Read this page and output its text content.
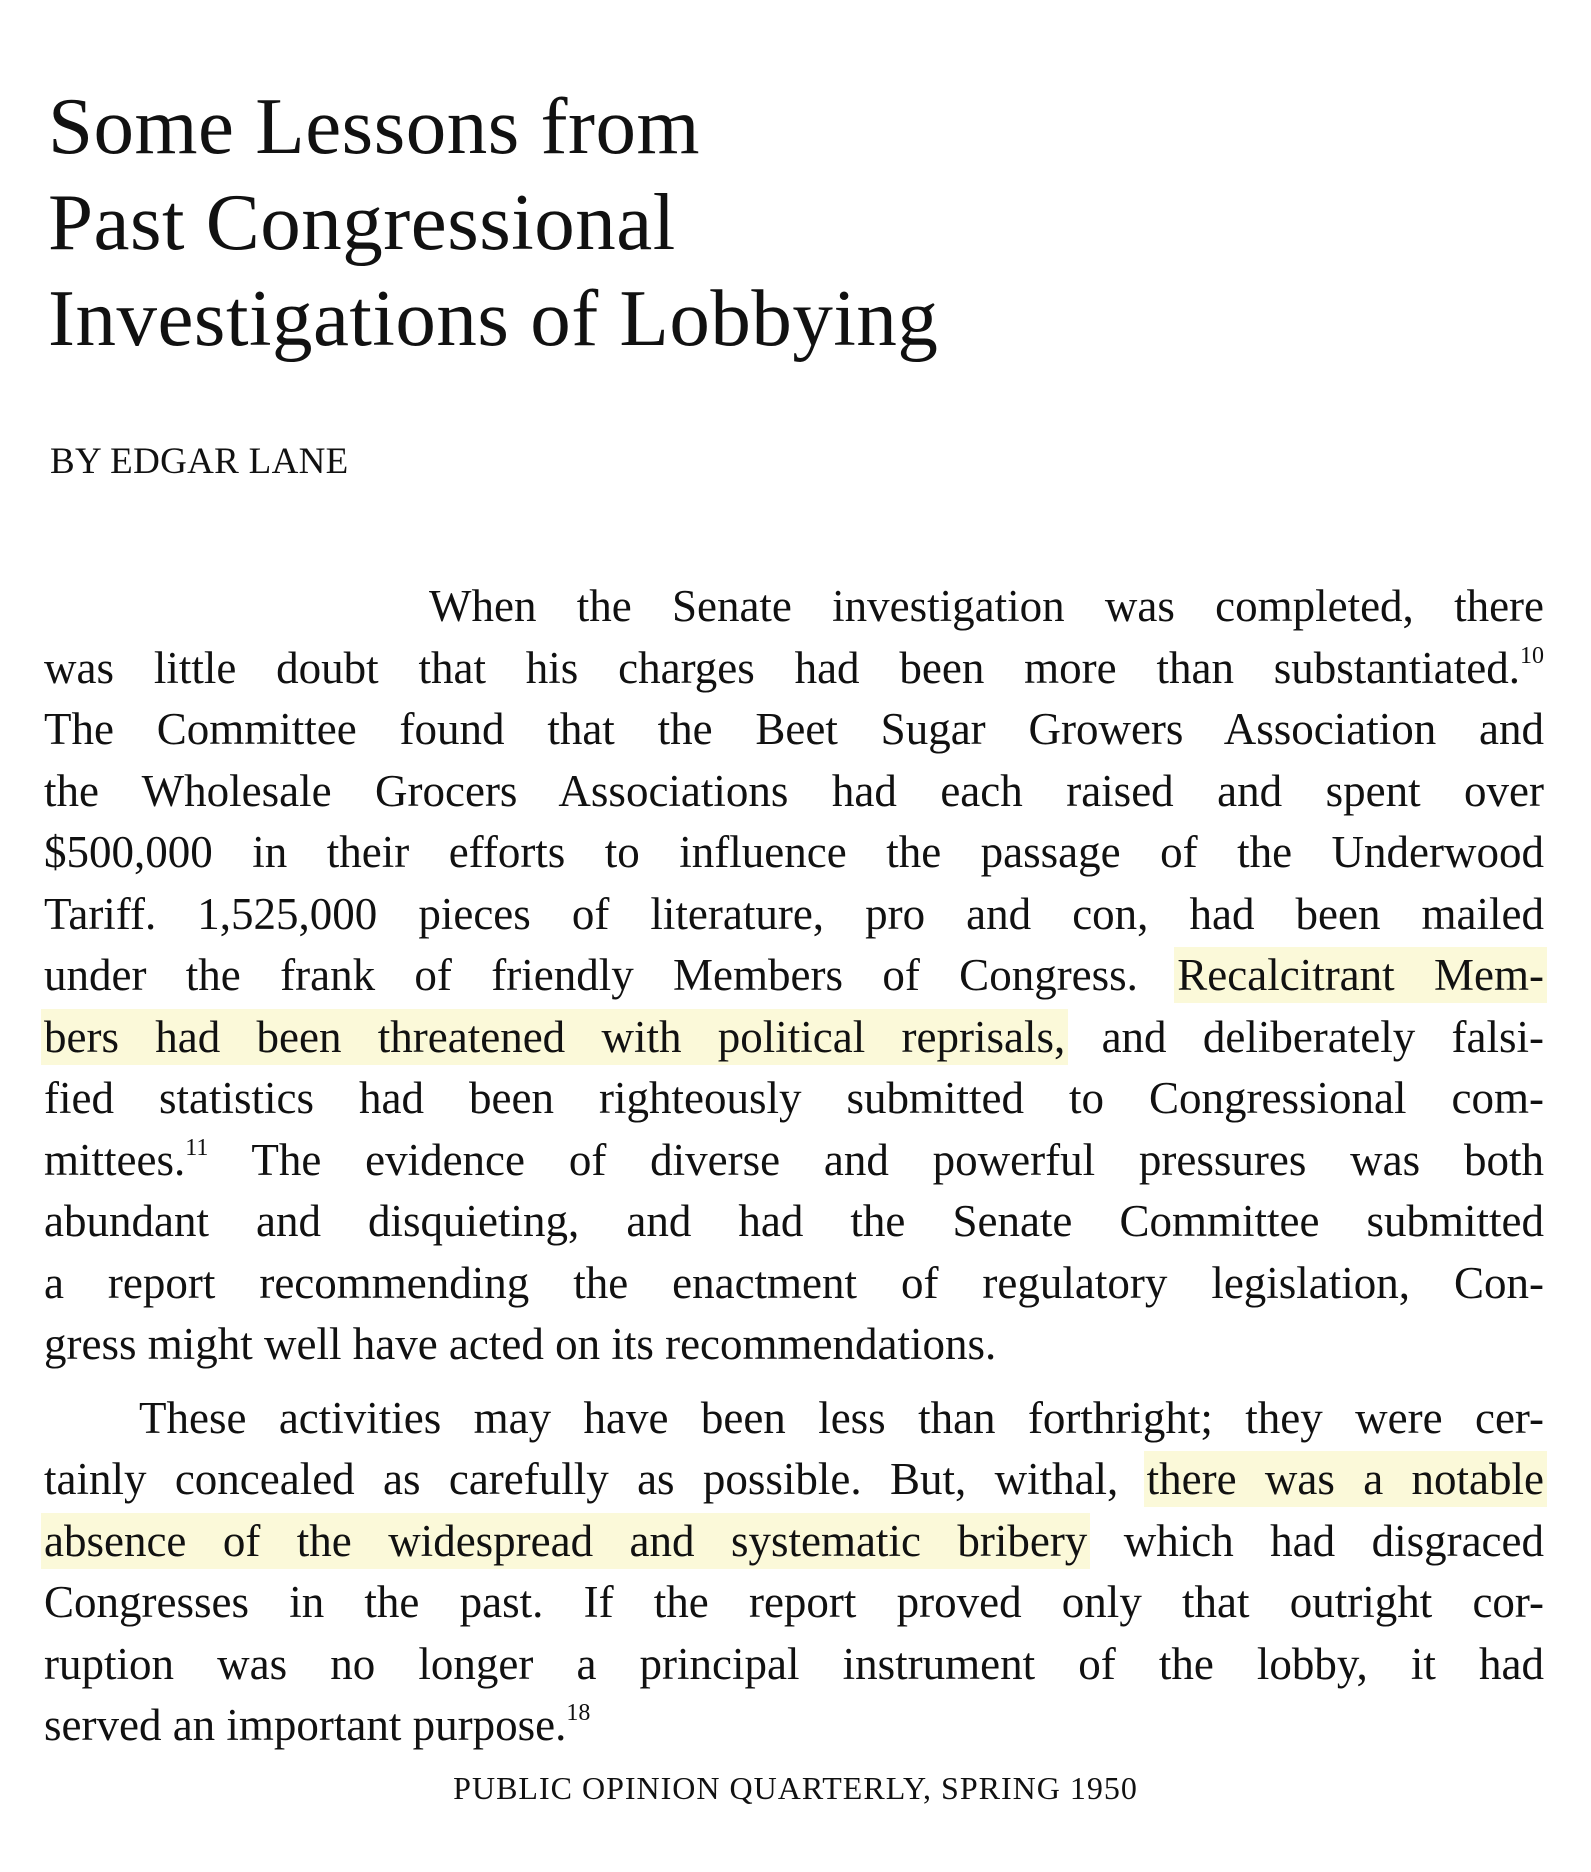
Some Lessons from
Past Congressional
Investigations of Lobbying

BY EDGAR LANE

When the Senate investigation was completed, there
was little doubt that his charges had been more than substantiated.$^{10}$
The Committee found that the Beet Sugar Growers Association and
the Wholesale Grocers Associations had each raised and spent over
$500,000 in their efforts to influence the passage of the Underwood
Tariff. 1,525,000 pieces of literature, pro and con, had been mailed
under the frank of friendly Members of Congress. Recalcitrant Mem-
bers had been threatened with political reprisals, and deliberately falsi-
fied statistics had been righteously submitted to Congressional com-
mittees.$^{11}$ The evidence of diverse and powerful pressures was both
abundant and disquieting, and had the Senate Committee submitted
a report recommending the enactment of regulatory legislation, Con-
gress might well have acted on its recommendations.
These activities may have been less than forthright; they were cer-
tainly concealed as carefully as possible. But, withal, there was a notable
absence of the widespread and systematic bribery which had disgraced
Congresses in the past. If the report proved only that outright cor-
ruption was no longer a principal instrument of the lobby, it had
served an important purpose.$^{18}$
PUBLIC OPINION QUARTERLY, SPRING 1950
